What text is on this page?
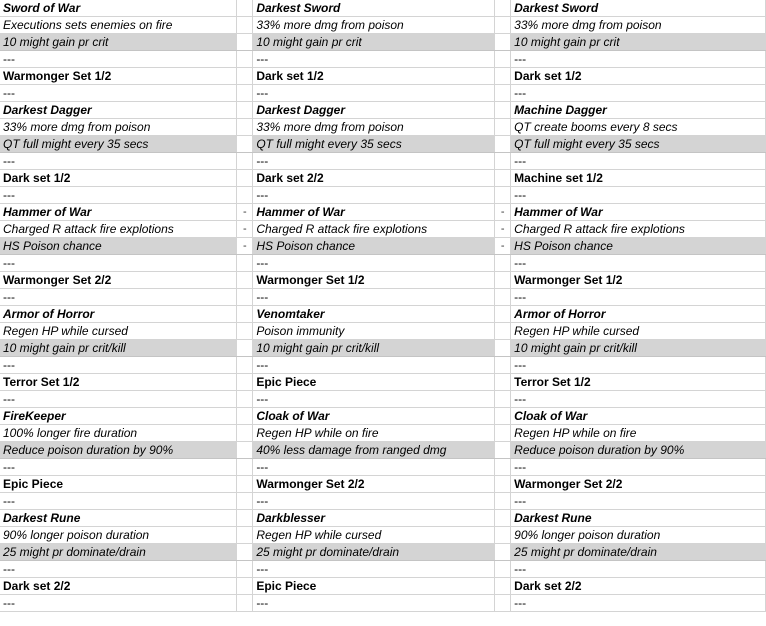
Sword of War		Darkest Sword		Darkest Sword
Executions sets enemies on fire		33% more dmg from poison		33% more dmg from poison
10 might gain pr crit		10 might gain pr crit		10 might gain pr crit
---		---		---
Warmonger Set 1/2		Dark set 1/2		Dark set 1/2
---		---		---
Darkest Dagger		Darkest Dagger		Machine Dagger
33% more dmg from poison		33% more dmg from poison		QT create booms every 8 secs
QT full might every 35 secs		QT full might every 35 secs		QT full might every 35 secs
---		---		---
Dark set 1/2		Dark set 2/2		Machine set 1/2
---		---		---
Hammer of War	-	Hammer of War	-	Hammer of War
Charged R attack fire explotions	-	Charged R attack fire explotions	-	Charged R attack fire explotions
HS Poison chance	-	HS Poison chance	-	HS Poison chance
---		---		---
Warmonger Set 2/2		Warmonger Set 1/2		Warmonger Set 1/2
---		---		---
Armor of Horror		Venomtaker		Armor of Horror
Regen HP while cursed		Poison immunity		Regen HP while cursed
10 might gain pr crit/kill		10 might gain pr crit/kill		10 might gain pr crit/kill
---		---		---
Terror Set 1/2		Epic Piece		Terror Set 1/2
---		---		---
FireKeeper		Cloak of War		Cloak of War
100% longer fire duration		Regen HP while on fire		Regen HP while on fire
Reduce poison duration by 90%		40% less damage from ranged dmg		Reduce poison duration by 90%
---		---		---
Epic Piece		Warmonger Set 2/2		Warmonger Set 2/2
---		---		---
Darkest Rune		Darkblesser		Darkest Rune
90% longer poison duration		Regen HP while cursed		90% longer poison duration
25 might pr dominate/drain		25 might pr dominate/drain		25 might pr dominate/drain
---		---		---
Dark set 2/2		Epic Piece		Dark set 2/2
---		---		---
